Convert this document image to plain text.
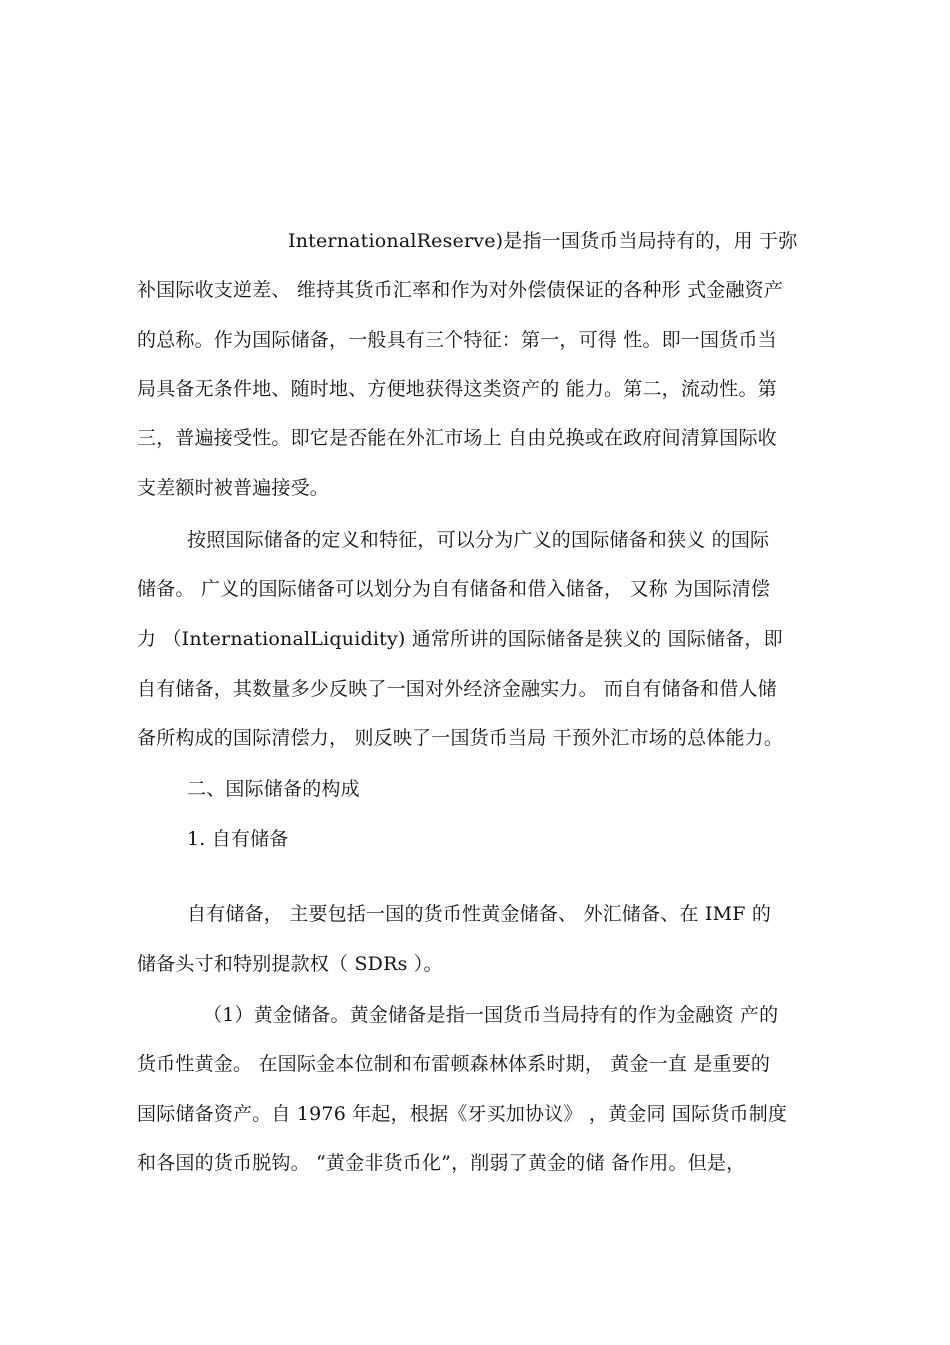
InternationalReserve)是指一国货币当局持有的，用 于弥
补国际收支逆差、 维持其货币汇率和作为对外偿债保证的各种形 式金融资产
的总称。作为国际储备，一般具有三个特征：第一，可得 性。即一国货币当
局具备无条件地、随时地、方便地获得这类资产的 能力。第二，流动性。第
三，普遍接受性。即它是否能在外汇市场上 自由兑换或在政府间清算国际收
支差额时被普遍接受。
按照国际储备的定义和特征，可以分为广义的国际储备和狭义 的国际
储备。 广义的国际储备可以划分为自有储备和借入储备， 又称 为国际清偿
力 （InternationalLiquidity) 通常所讲的国际储备是狭义的 国际储备，即
自有储备，其数量多少反映了一国对外经济金融实力。 而自有储备和借人储
备所构成的国际清偿力， 则反映了一国货币当局 干预外汇市场的总体能力。
二、国际储备的构成
1. 自有储备
自有储备， 主要包括一国的货币性黄金储备、 外汇储备、在 IMF 的
储备头寸和特别提款权（ SDRs ）。
（1）黄金储备。黄金储备是指一国货币当局持有的作为金融资 产的
货币性黄金。 在国际金本位制和布雷顿森林体系时期， 黄金一直 是重要的
国际储备资产。自 1976 年起，根据《牙买加协议》 ，黄金同 国际货币制度
和各国的货币脱钩。 “黄金非货币化”，削弱了黄金的储 备作用。但是，
